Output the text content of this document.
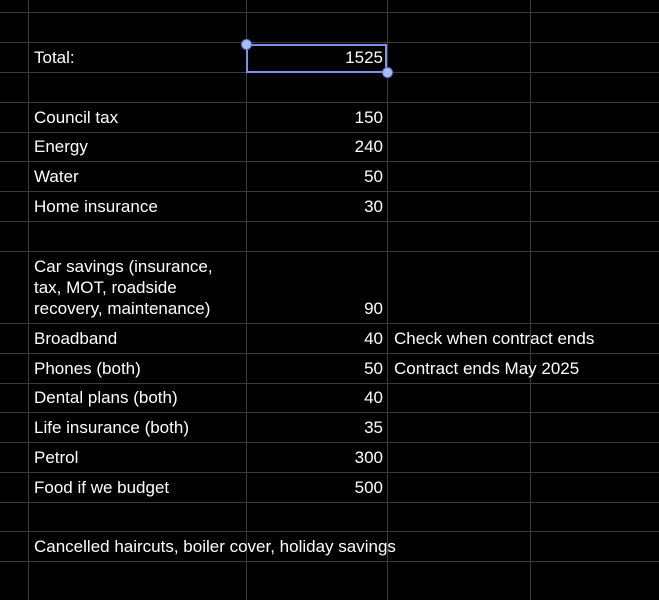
Total:	1525
Council tax	150
Energy	240
Water	50
Home insurance	30
Car savings (insurance, tax, MOT, roadside recovery, maintenance)	90
Broadband	40 Check when contract ends
Phones (both)	50 Contract ends May 2025
Dental plans (both)	40
Life insurance (both)	35
Petrol	300
Food if we budget	500
Cancelled haircuts, boiler cover, holiday savings
